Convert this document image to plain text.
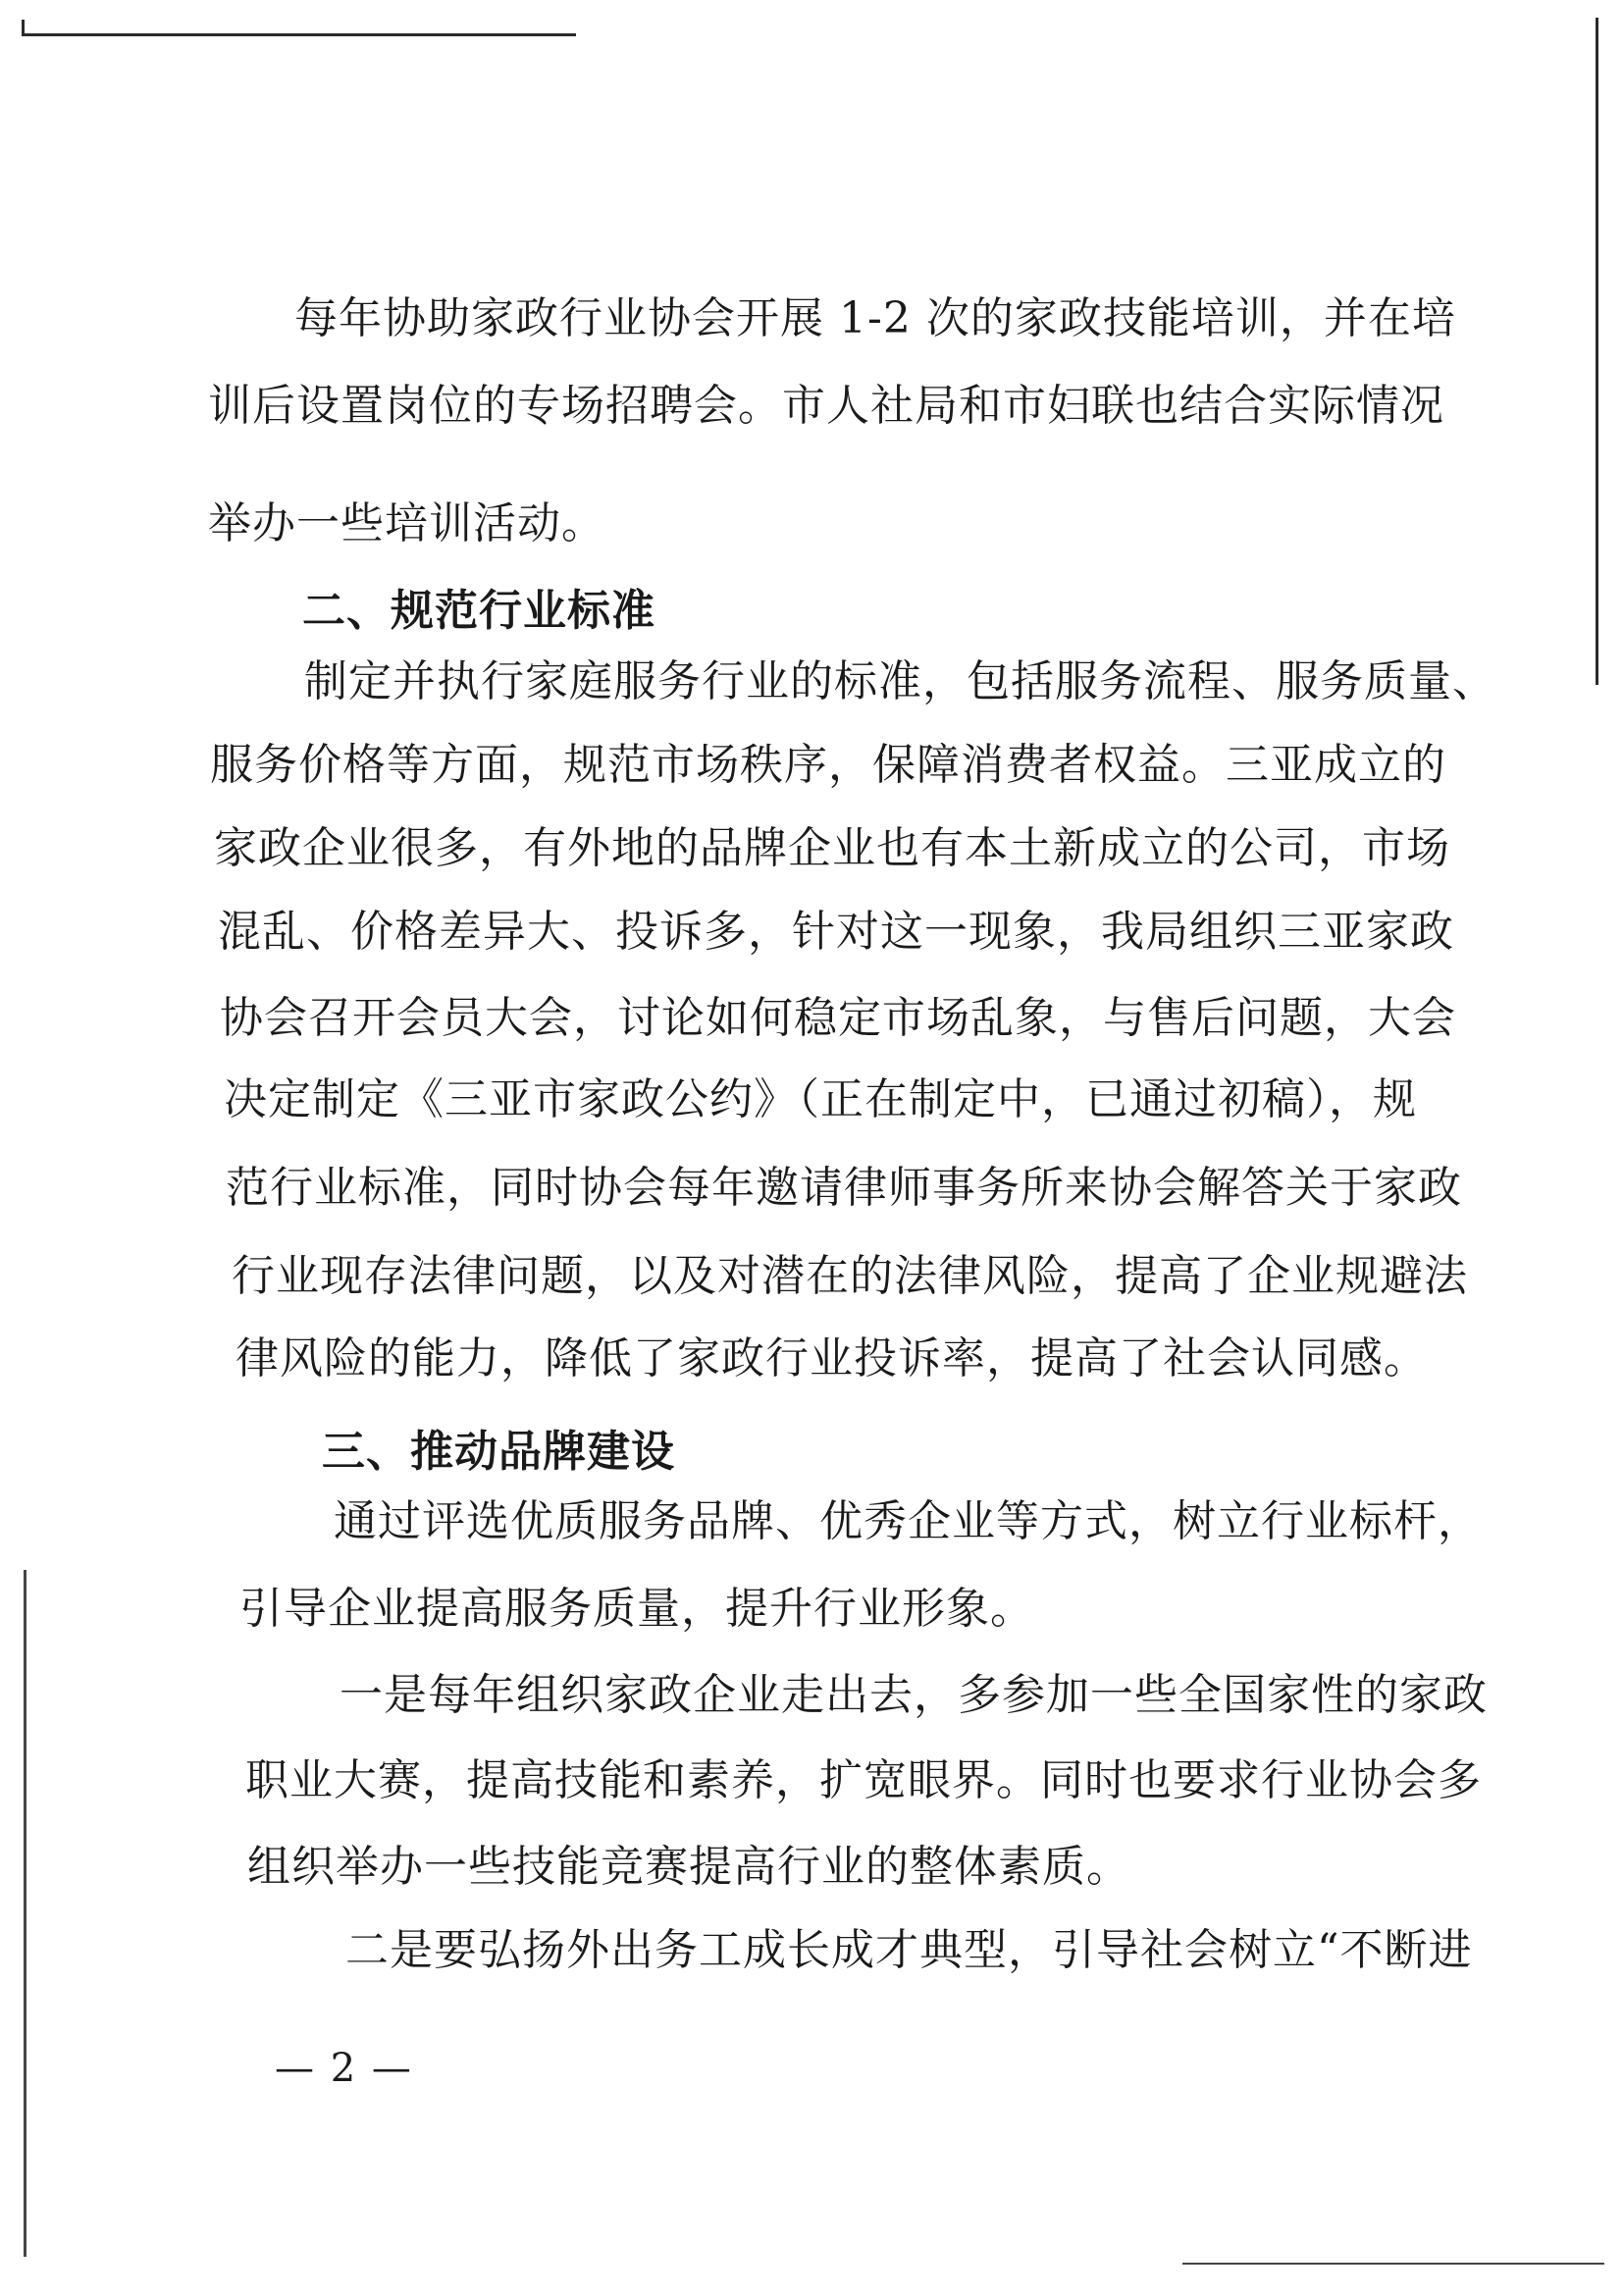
每年协助家政行业协会开展 1-2 次的家政技能培训，并在培

训后设置岗位的专场招聘会。市人社局和市妇联也结合实际情况

举办一些培训活动。

二、规范行业标准

制定并执行家庭服务行业的标准，包括服务流程、服务质量、

服务价格等方面，规范市场秩序，保障消费者权益。三亚成立的

家政企业很多，有外地的品牌企业也有本土新成立的公司，市场

混乱、价格差异大、投诉多，针对这一现象，我局组织三亚家政

协会召开会员大会，讨论如何稳定市场乱象，与售后问题，大会

决定制定《三亚市家政公约》（正在制定中，已通过初稿），规

范行业标准，同时协会每年邀请律师事务所来协会解答关于家政

行业现存法律问题，以及对潜在的法律风险，提高了企业规避法

律风险的能力，降低了家政行业投诉率，提高了社会认同感。

三、推动品牌建设

通过评选优质服务品牌、优秀企业等方式，树立行业标杆，

引导企业提高服务质量，提升行业形象。

一是每年组织家政企业走出去，多参加一些全国家性的家政

职业大赛，提高技能和素养，扩宽眼界。同时也要求行业协会多

组织举办一些技能竞赛提高行业的整体素质。

二是要弘扬外出务工成长成才典型，引导社会树立“不断进

— 2 —
